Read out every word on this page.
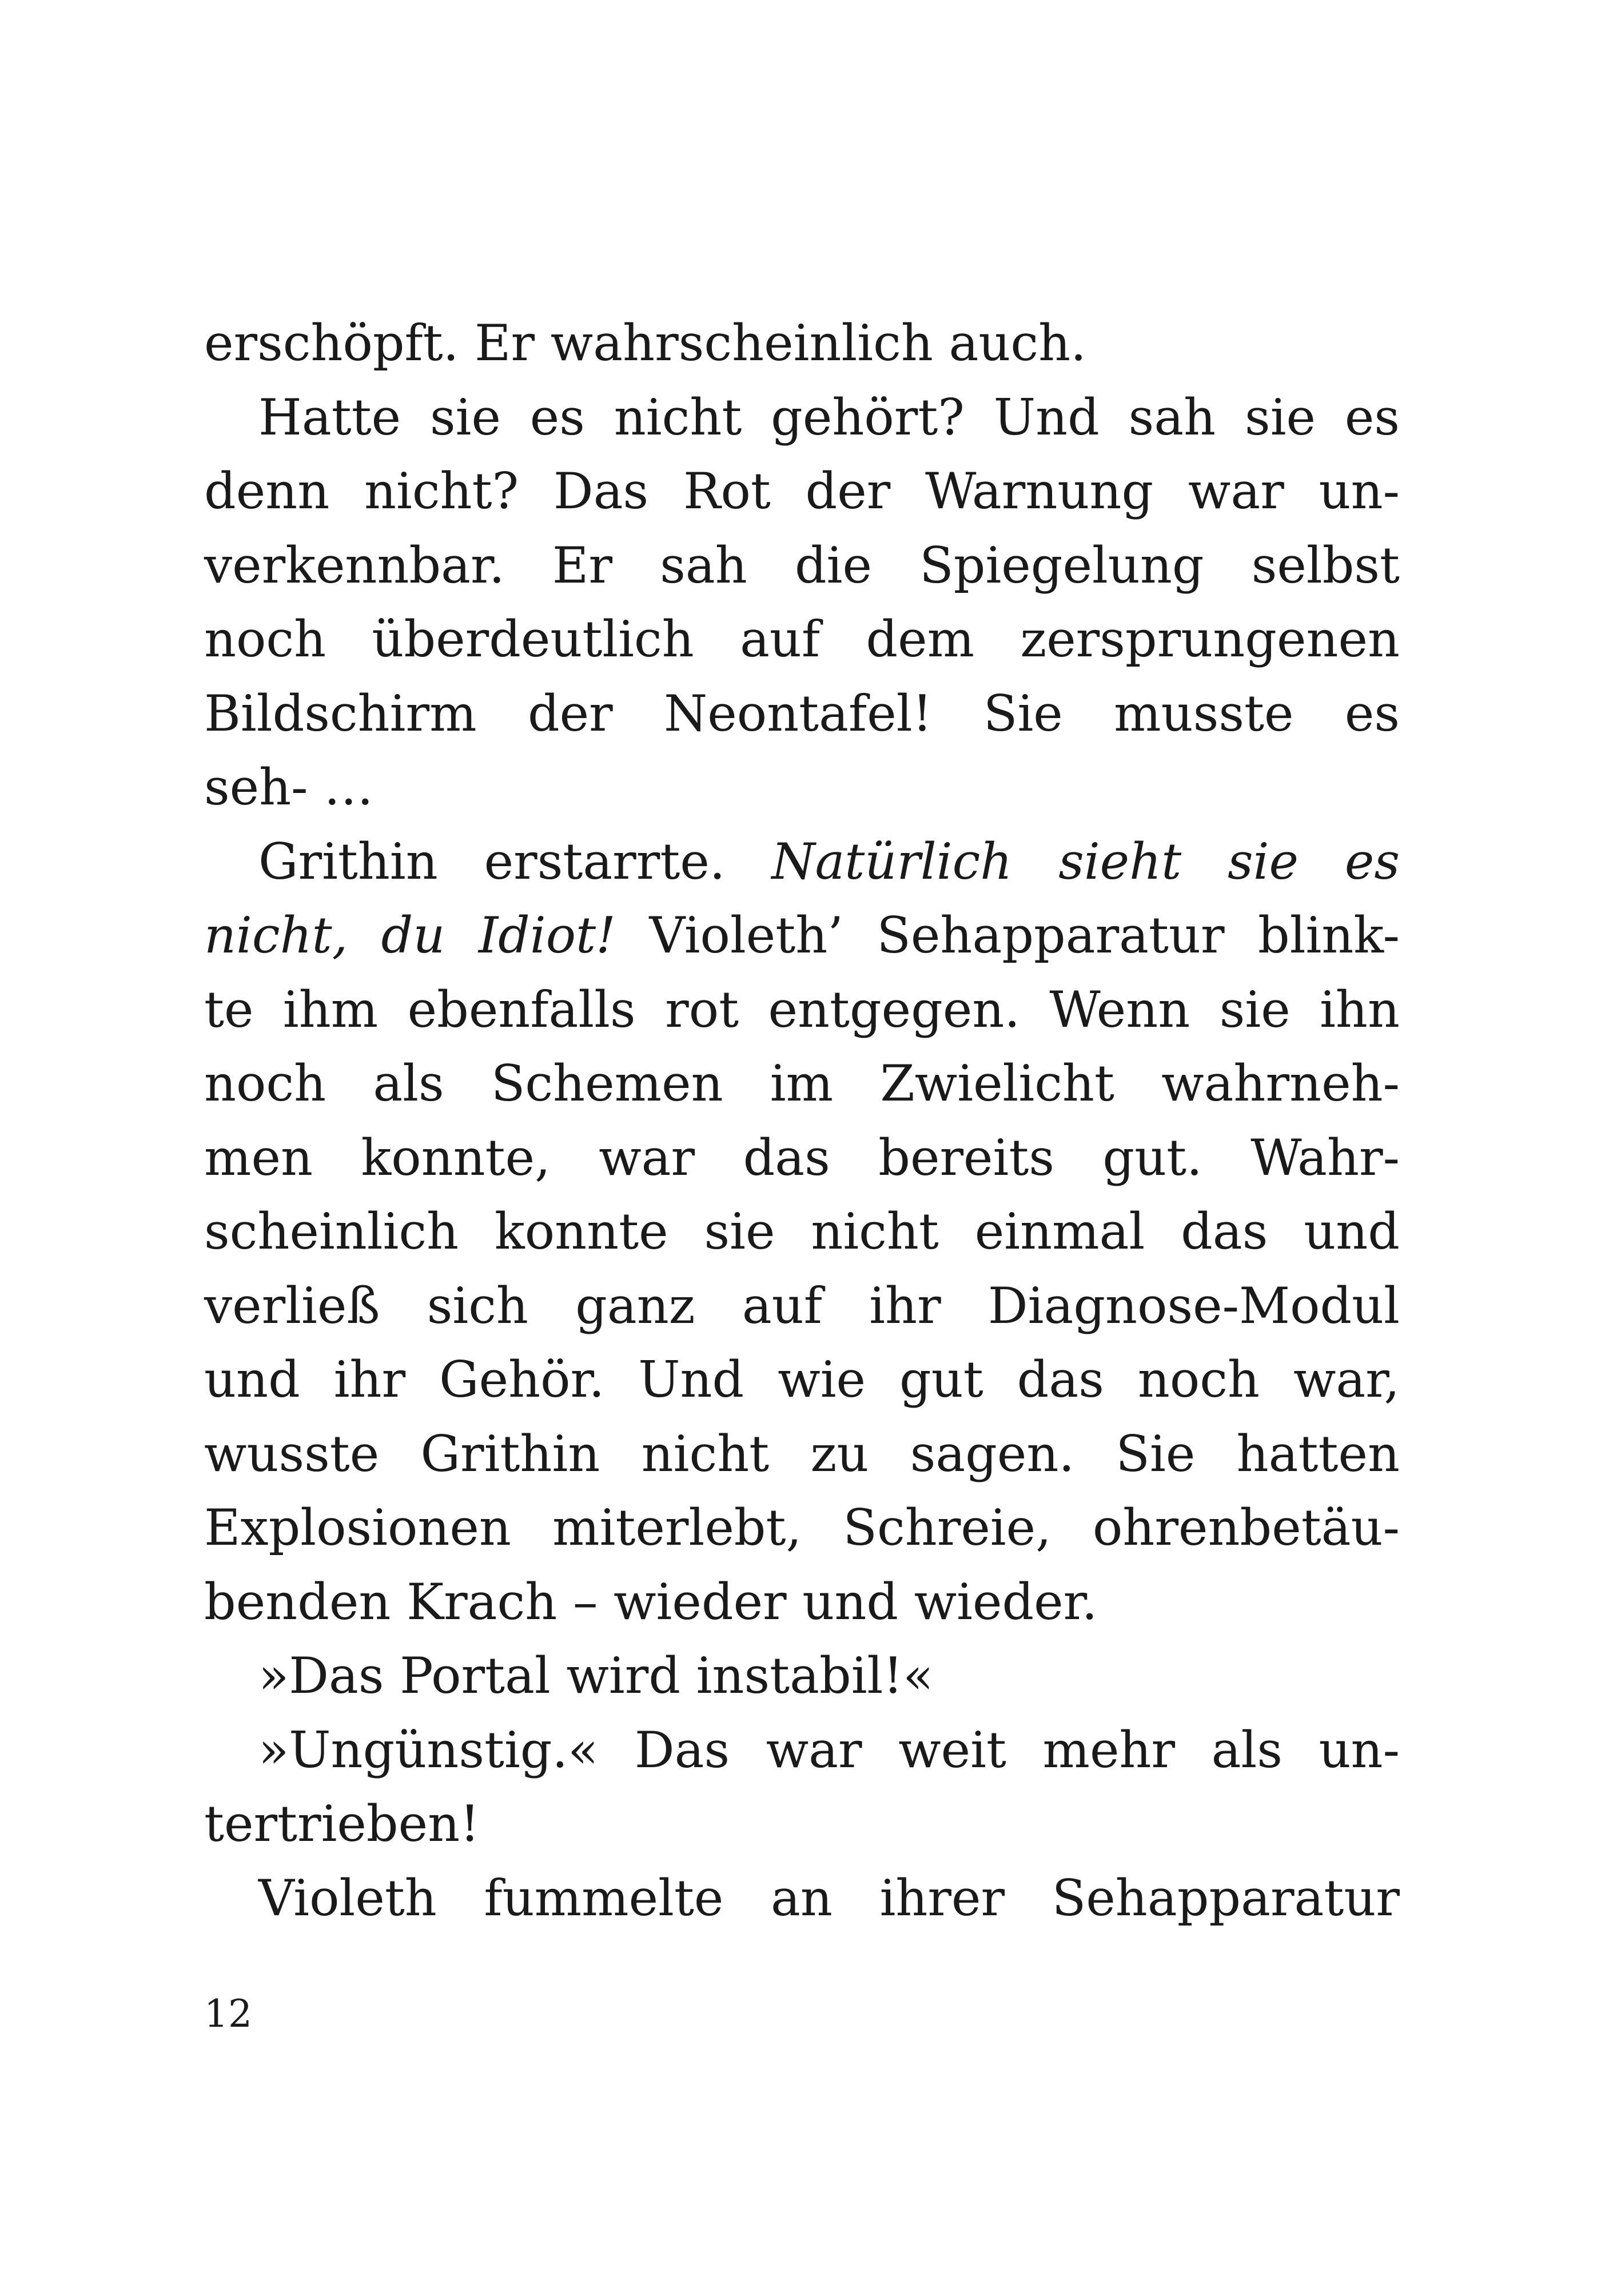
erschöpft. Er wahrscheinlich auch.
Hatte sie es nicht gehört? Und sah sie es
denn nicht? Das Rot der Warnung war un-
verkennbar. Er sah die Spiegelung selbst
noch überdeutlich auf dem zersprungenen
Bildschirm der Neontafel! Sie musste es
seh- …
Grithin erstarrte. Natürlich sieht sie es
nicht, du Idiot! Violeth’ Sehapparatur blink-
te ihm ebenfalls rot entgegen. Wenn sie ihn
noch als Schemen im Zwielicht wahrneh-
men konnte, war das bereits gut. Wahr-
scheinlich konnte sie nicht einmal das und
verließ sich ganz auf ihr Diagnose-Modul
und ihr Gehör. Und wie gut das noch war,
wusste Grithin nicht zu sagen. Sie hatten
Explosionen miterlebt, Schreie, ohrenbetäu-
benden Krach – wieder und wieder.
»Das Portal wird instabil!«
»Ungünstig.« Das war weit mehr als un-
tertrieben!
Violeth fummelte an ihrer Sehapparatur
12
